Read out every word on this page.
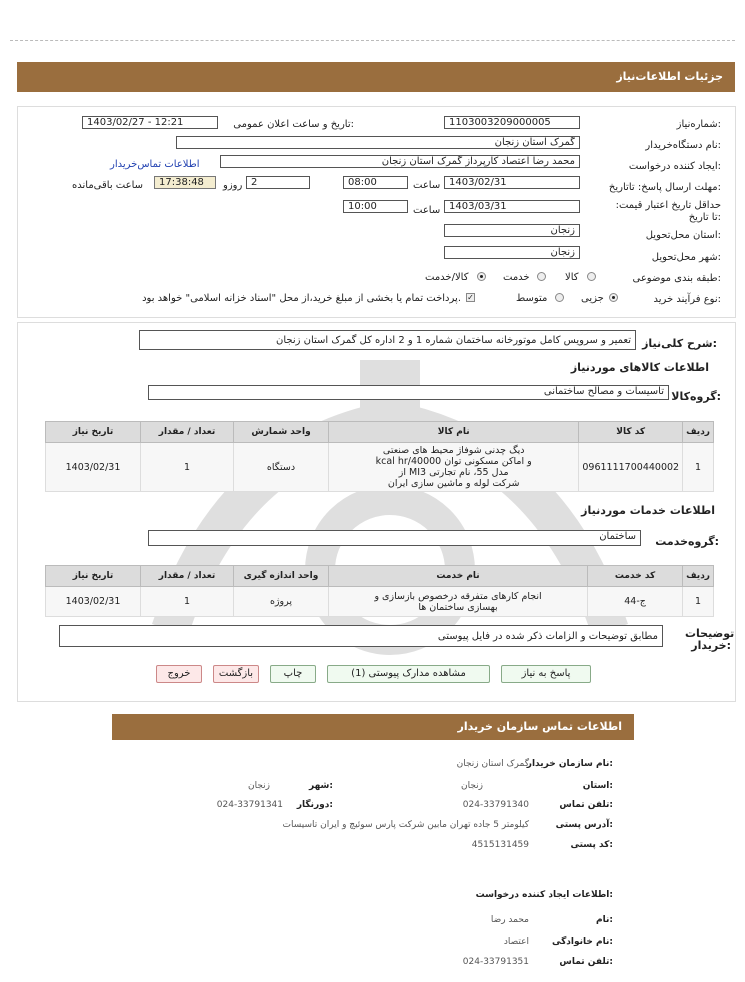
جزئیات اطلاعات‌نیاز
شماره‌نیاز:
1103003209000005
تاریخ و ساعت اعلان عمومی:
1403/02/27 - 12:21
نام دستگاه‌خریدار:
گمرک استان زنجان
ایجاد کننده درخواست:
محمد رضا اعتصاد کارپرداز گمرک استان زنجان
اطلاعات تماس‌خریدار
مهلت ارسال پاسخ: تاتاریخ:
1403/02/31
ساعت
08:00
2
روزو
17:38:48
ساعت باقی‌مانده
حداقل تاریخ اعتبار قیمت: تا تاریخ:
1403/03/31
ساعت
10:00
استان محل‌تحویل:
زنجان
شهر محل‌تحویل:
زنجان
طبقه بندی موضوعی:
کالا
خدمت
کالا/خدمت
نوع فرآیند خرید:
جزیی
متوسط
✓
پرداخت تمام یا بخشی از مبلغ خرید،از محل "اسناد خزانه اسلامی" خواهد بود.
شرح کلی‌نیاز:
تعمیر و سرویس کامل موتورخانه ساختمان شماره 1 و 2 اداره کل گمرک استان زنجان
اطلاعات کالاهای موردنیاز
گروه‌کالا:
تاسیسات و مصالح ساختمانی
ردیف	کد کالا	نام کالا	واحد شمارش	تعداد / مقدار	تاریخ نیاز
1	0961111700440002	دیگ چدنی شوفاژ محیط های صنعتی
و اماکن مسکونی توان 40000/kcal hr
مدل 55، نام تجارتی MI3 از
شرکت لوله و ماشین سازی ایران	دستگاه	1	1403/02/31
اطلاعات خدمات موردنیاز
گروه‌خدمت:
ساختمان
ردیف	کد خدمت	نام خدمت	واحد اندازه گیری	تعداد / مقدار	تاریخ نیاز
1	ج-44	انجام کارهای متفرقه درخصوص بازسازی و
بهسازی ساختمان ها	پروژه	1	1403/02/31
توضیحات خریدار:
مطابق توضیحات و الزامات ذکر شده در فایل پیوستی
پاسخ به نیاز
مشاهده مدارک پیوستی (1)
چاپ
بازگشت
خروج
اطلاعات تماس سازمان خریدار
نام سازمان خریدار:
گمرک استان زنجان
استان:
زنجان
شهر:
زنجان
تلفن تماس:
024-33791340
دورنگار:
024-33791341
آدرس پستی:
کیلومتر 5 جاده تهران مابین شرکت پارس سوئیچ و ایران تاسیسات
کد پستی:
4515131459
اطلاعات ایجاد کننده درخواست:
نام:
محمد رضا
نام خانوادگی:
اعتصاد
تلفن تماس:
024-33791351
